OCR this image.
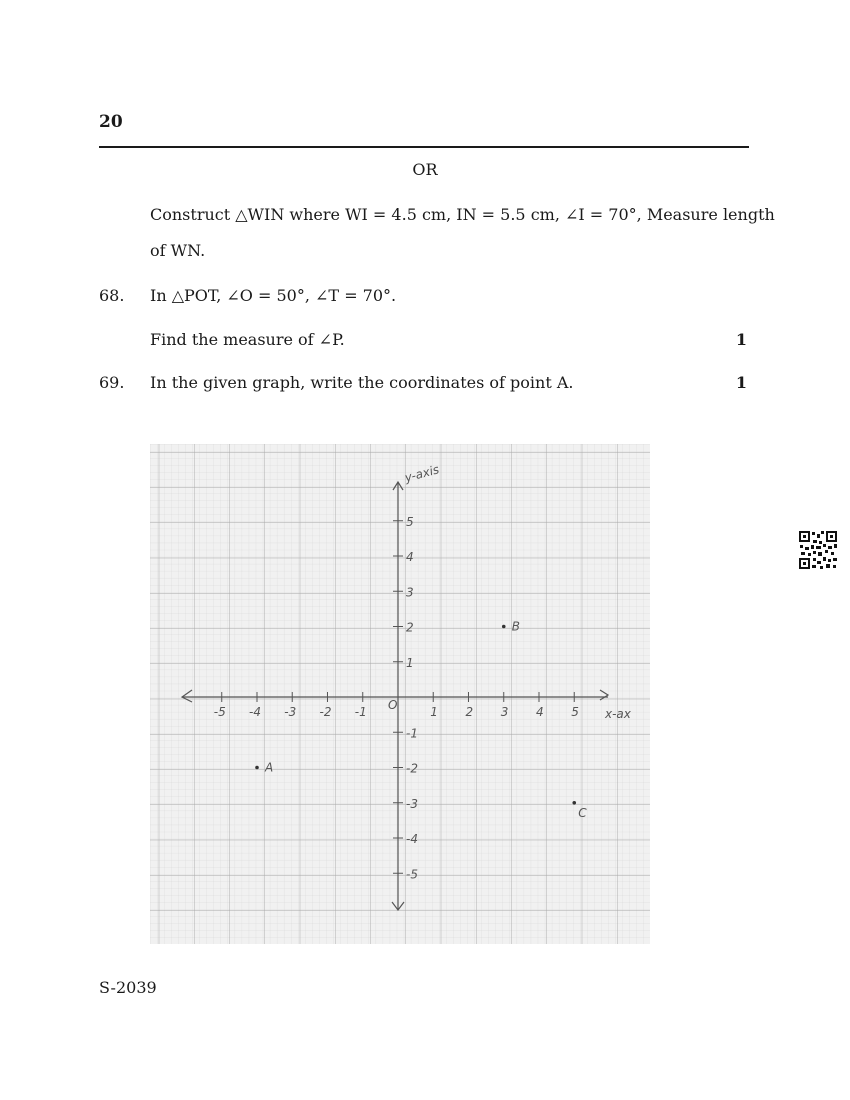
20
OR
Construct △WIN where WI = 4.5 cm, IN = 5.5 cm, ∠I = 70°, Measure length
of WN.
68. In △POT, ∠O = 50°, ∠T = 70°.
Find the measure of ∠P.	1
69. In the given graph, write the coordinates of point A.	1
-5 -4 -3 -2 -1	1 2 3 4 5
5
4
3
2
1
-1
-2
-3
-4
-5
A
B
C
O
x-ax
y-axis
S-2039
